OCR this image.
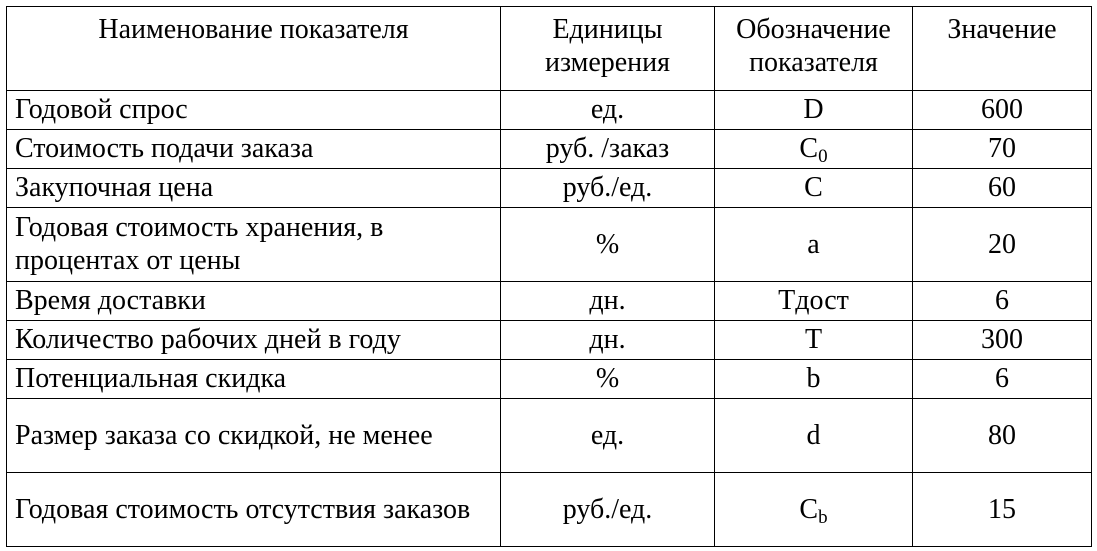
Наименование показателя	Единицы измерения	Обозначение показателя	Значение
Годовой спрос	ед.	D	600
Стоимость подачи заказа	руб. /заказ	$C_0$	70
Закупочная цена	руб./ед.	C	60
Годовая стоимость хранения, в процентах от цены	%	a	20
Время доставки	дн.	Tдост	6
Количество рабочих дней в году	дн.	T	300
Потенциальная скидка	%	b	6
Размер заказа со скидкой, не менее	ед.	d	80
Годовая стоимость отсутствия заказов	руб./ед.	$C_b$	15
